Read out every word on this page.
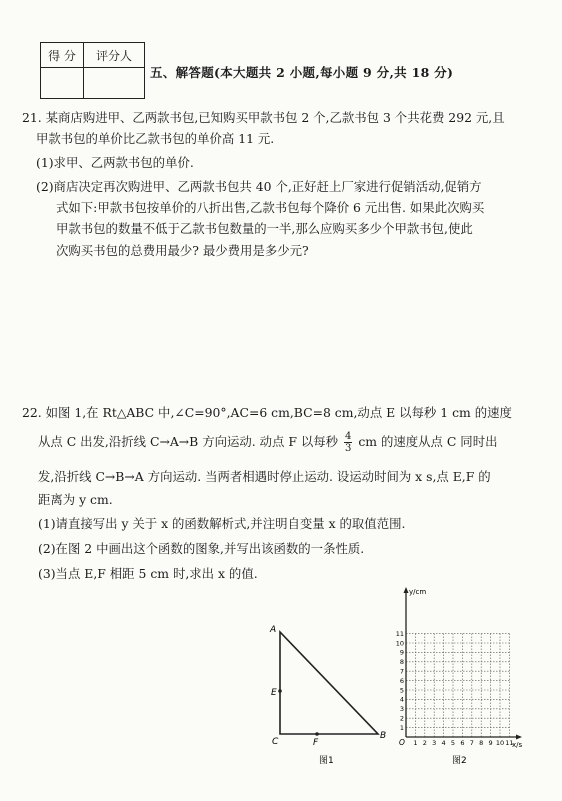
得 分	评分人

五、解答题(本大题共 2 小题,每小题 9 分,共 18 分)
21. 某商店购进甲、乙两款书包,已知购买甲款书包 2 个,乙款书包 3 个共花费 292 元,且
甲款书包的单价比乙款书包的单价高 11 元.
(1)求甲、乙两款书包的单价.
(2)商店决定再次购进甲、乙两款书包共 40 个,正好赶上厂家进行促销活动,促销方
式如下:甲款书包按单价的八折出售,乙款书包每个降价 6 元出售. 如果此次购买
甲款书包的数量不低于乙款书包数量的一半,那么应购买多少个甲款书包,使此
次购买书包的总费用最少? 最少费用是多少元?
22. 如图 1,在 Rt△ABC 中,∠C=90°,AC=6 cm,BC=8 cm,动点 E 以每秒 1 cm 的速度
从点 C 出发,沿折线 C→A→B 方向运动. 动点 F 以每秒 $\frac{4}{3}$ cm 的速度从点 C 同时出
发,沿折线 C→B→A 方向运动. 当两者相遇时停止运动. 设运动时间为 x s,点 E,F 的
距离为 y cm.
(1)请直接写出 y 关于 x 的函数解析式,并注明自变量 x 的取值范围.
(2)在图 2 中画出这个函数的图象,并写出该函数的一条性质.
(3)当点 E,F 相距 5 cm 时,求出 x 的值.
A
B
C
E
F
图1
y/cm
x/s
O 1 2 3 4 5 6 7 8 9 10 11
1
2
3
4
5
6
7
8
9
10
11
图2
